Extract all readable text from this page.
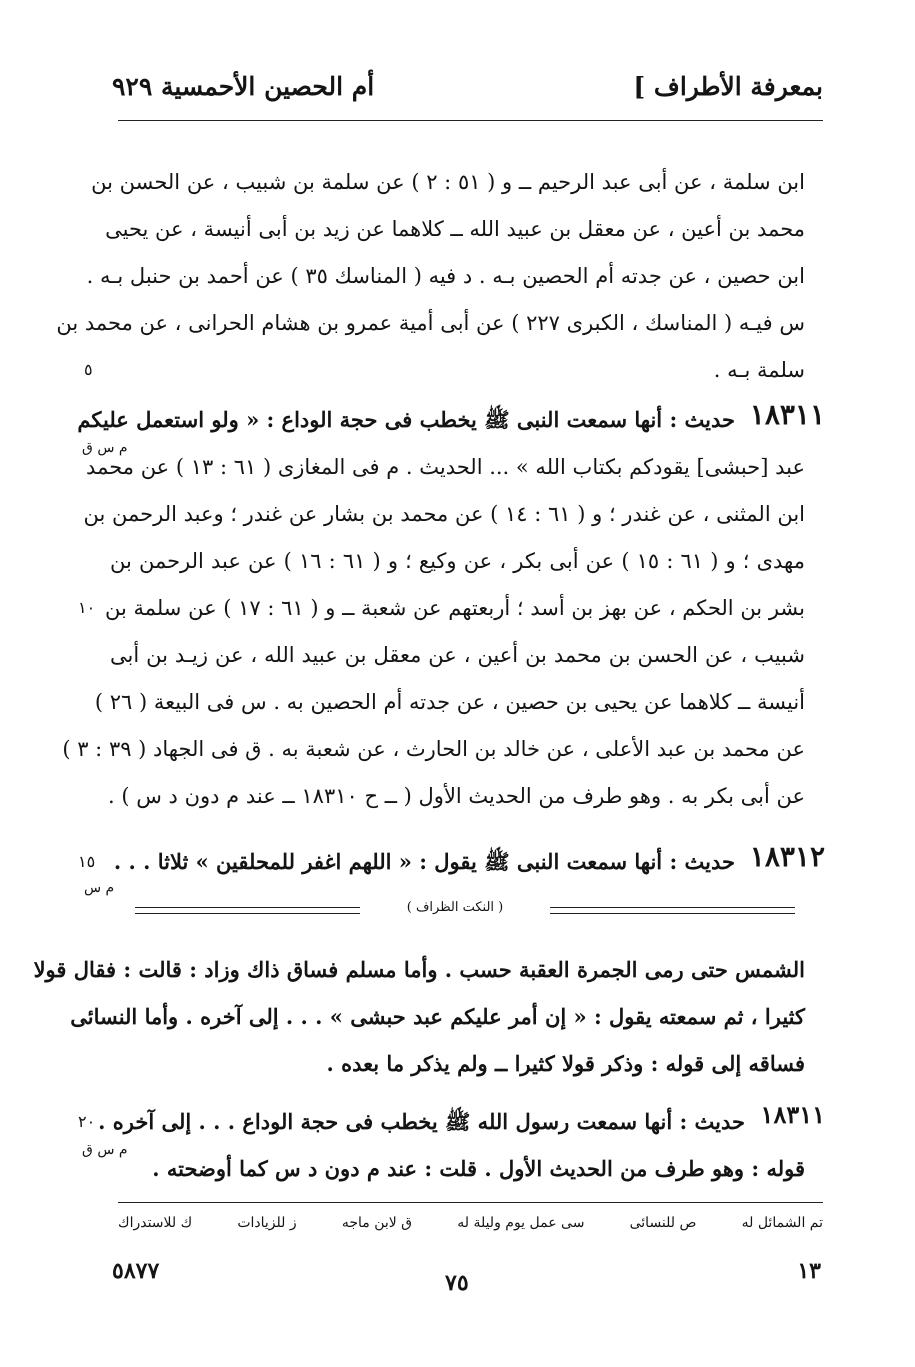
بمعرفة الأطراف ]
أم الحصين الأحمسية ٩٢٩
ابن سلمة ، عن أبى عبد الرحيم ــ و ( ٥١ : ٢ ) عن سلمة بن شبيب ، عن الحسن بن
محمد بن أعين ، عن معقل بن عبيد الله ــ كلاهما عن زيد بن أبى أنيسة ، عن يحيى
ابن حصين ، عن جدته أم الحصين بـه . د فيه ( المناسك ٣٥ ) عن أحمد بن حنبل بـه .
س فيـه ( المناسك ، الكبرى ٢٢٧ ) عن أبى أمية عمرو بن هشام الحرانى ، عن محمد بن
سلمة بـه .
٥
١٨٣١١
م س ق
حديث : أنها سمعت النبى ﷺ يخطب فى حجة الوداع : « ولو استعمل عليكم
عبد [حبشى] يقودكم بكتاب الله » ... الحديث . م فى المغازى ( ٦١ : ١٣ ) عن محمد
ابن المثنى ، عن غندر ؛ و ( ٦١ : ١٤ ) عن محمد بن بشار عن غندر ؛ وعبد الرحمن بن
مهدى ؛ و ( ٦١ : ١٥ ) عن أبى بكر ، عن وكيع ؛ و ( ٦١ : ١٦ ) عن عبد الرحمن بن
بشر بن الحكم ، عن بهز بن أسد ؛ أربعتهم عن شعبة ــ و ( ٦١ : ١٧ ) عن سلمة بن
١٠
شبيب ، عن الحسن بن محمد بن أعين ، عن معقل بن عبيد الله ، عن زيـد بن أبى
أنيسة ــ كلاهما عن يحيى بن حصين ، عن جدته أم الحصين به . س فى البيعة ( ٢٦ )
عن محمد بن عبد الأعلى ، عن خالد بن الحارث ، عن شعبة به . ق فى الجهاد ( ٣٩ : ٣ )
عن أبى بكر به . وهو طرف من الحديث الأول ( ــ ح ١٨٣١٠ ــ عند م دون د س ) .
١٨٣١٢
م س
حديث : أنها سمعت النبى ﷺ يقول : « اللهم اغفر للمحلقين » ثلاثا . . .
١٥
( النكت الظراف )
الشمس حتى رمى الجمرة العقبة حسب . وأما مسلم فساق ذاك وزاد : قالت : فقال قولا
كثيرا ، ثم سمعته يقول : « إن أمر عليكم عبد حبشى » . . . إلى آخره . وأما النسائى
فساقه إلى قوله : وذكر قولا كثيرا ــ ولم يذكر ما بعده .
١٨٣١١
م س ق
حديث : أنها سمعت رسول الله ﷺ يخطب فى حجة الوداع . . . إلى آخره .
٢٠
قوله : وهو طرف من الحديث الأول . قلت : عند م دون د س كما أوضحته .
تم الشمائل له
ص للنسائى
سى عمل يوم وليلة له
ق لابن ماجه
ز للزيادات
ك للاستدراك
١٣
٧٥
٥٨٧٧
